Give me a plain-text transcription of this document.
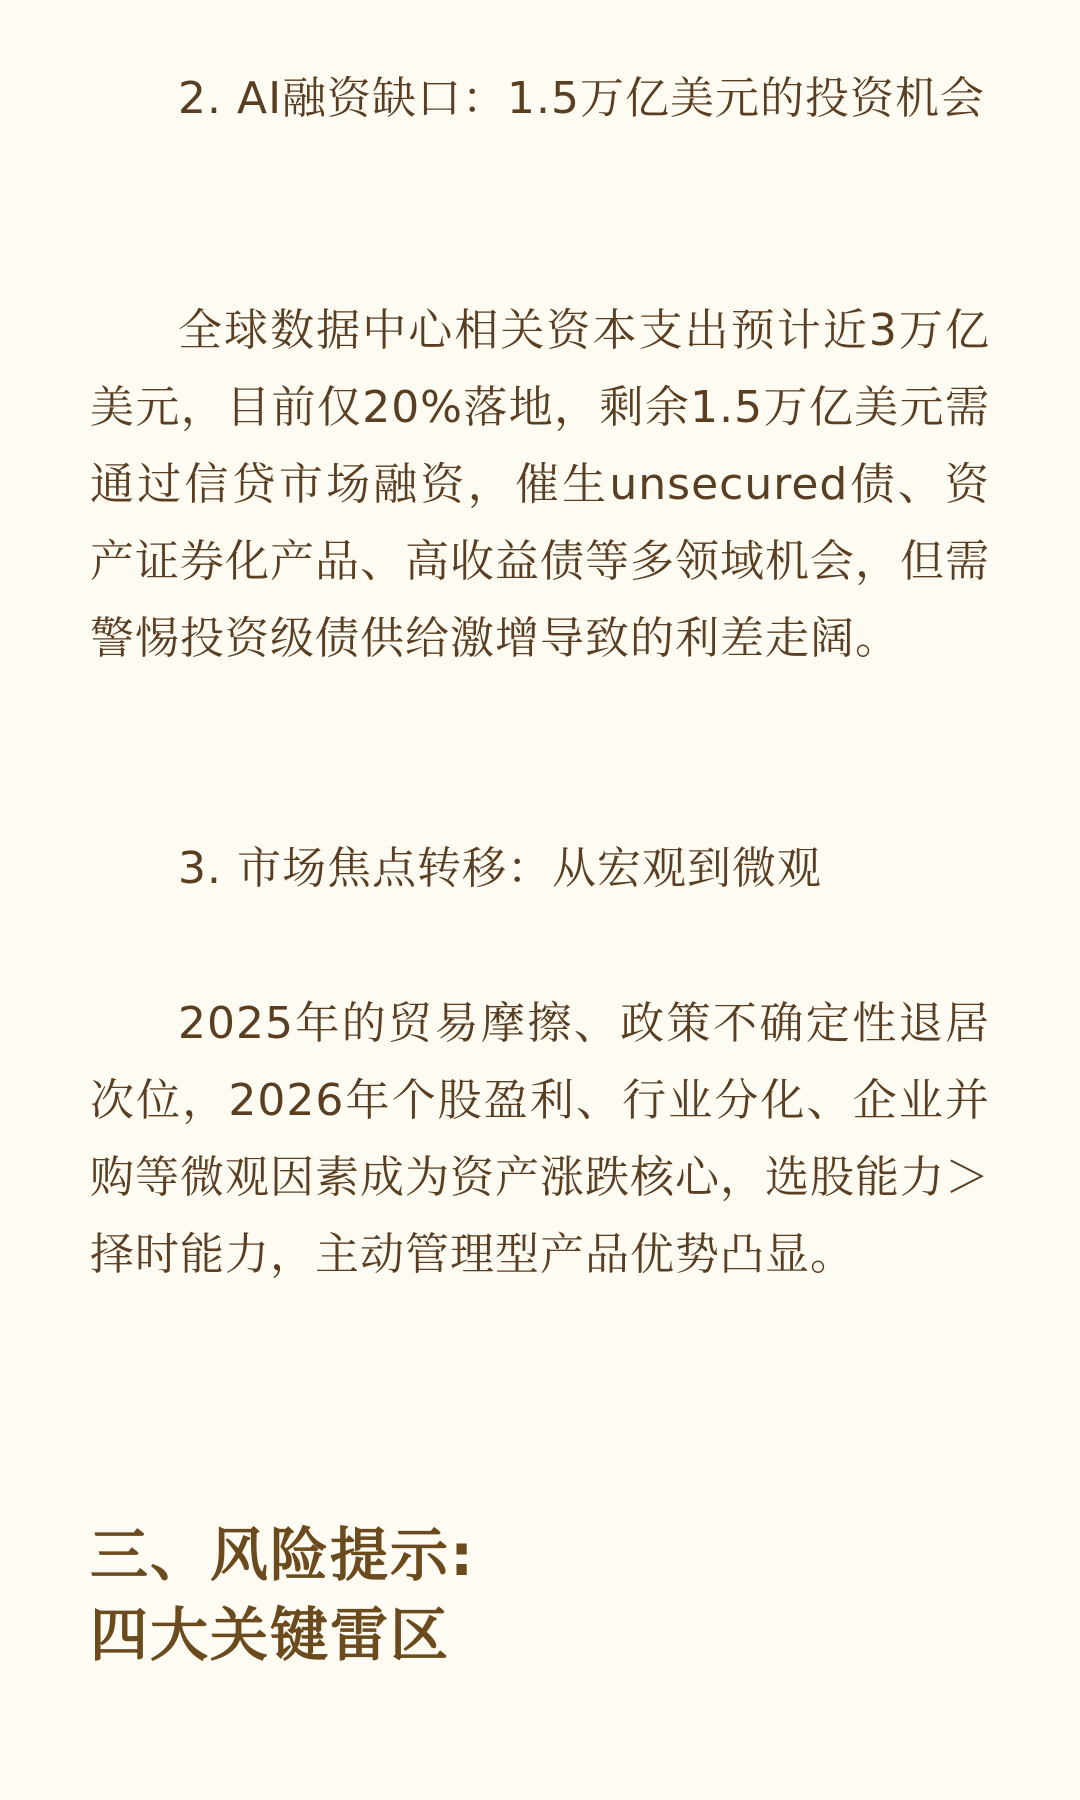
2. AI融资缺口：1.5万亿美元的投资机会

全球数据中心相关资本支出预计近3万亿美元，目前仅20%落地，剩余1.5万亿美元需通过信贷市场融资，催生unsecured债、资产证券化产品、高收益债等多领域机会，但需警惕投资级债供给激增导致的利差走阔。

3. 市场焦点转移：从宏观到微观

2025年的贸易摩擦、政策不确定性退居次位，2026年个股盈利、行业分化、企业并购等微观因素成为资产涨跌核心，选股能力＞择时能力，主动管理型产品优势凸显。

三、风险提示:
四大关键雷区
